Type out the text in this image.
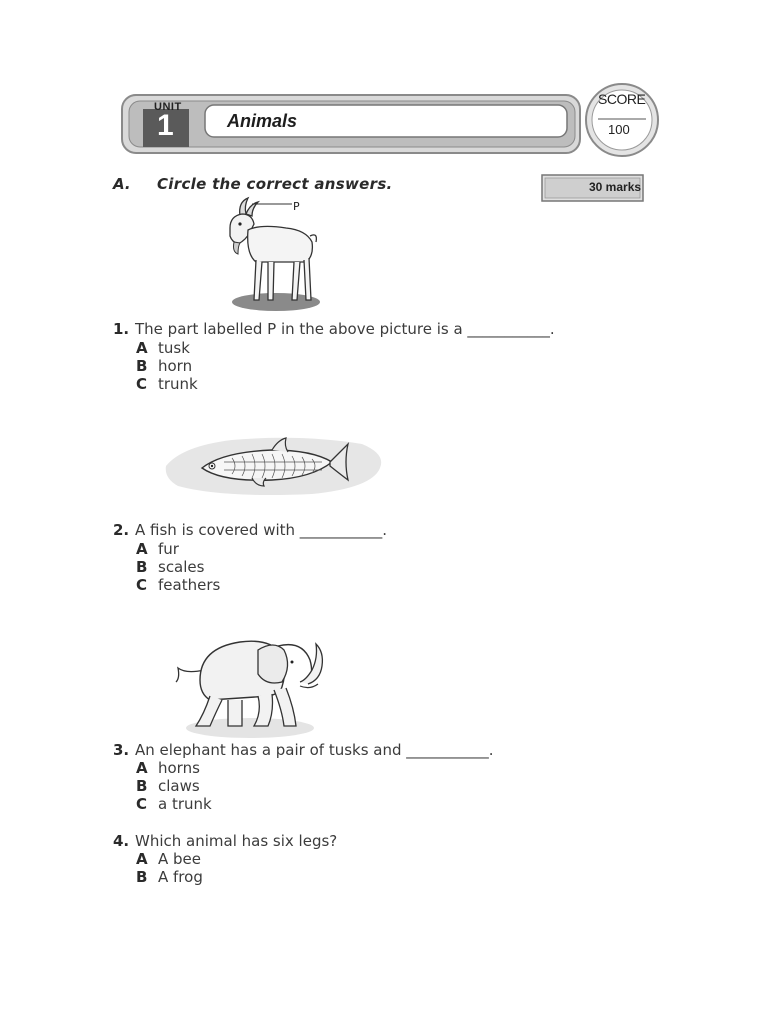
UNIT
1	Animals
SCORE
100
A. Circle the correct answers.	30 marks
P
1. The part labelled P in the above picture is a ___________.
A tusk
B horn
C trunk
2. A fish is covered with ___________.
A fur
B scales
C feathers
3. An elephant has a pair of tusks and ___________.
A horns
B claws
C a trunk
4. Which animal has six legs?
A A bee
B A frog
